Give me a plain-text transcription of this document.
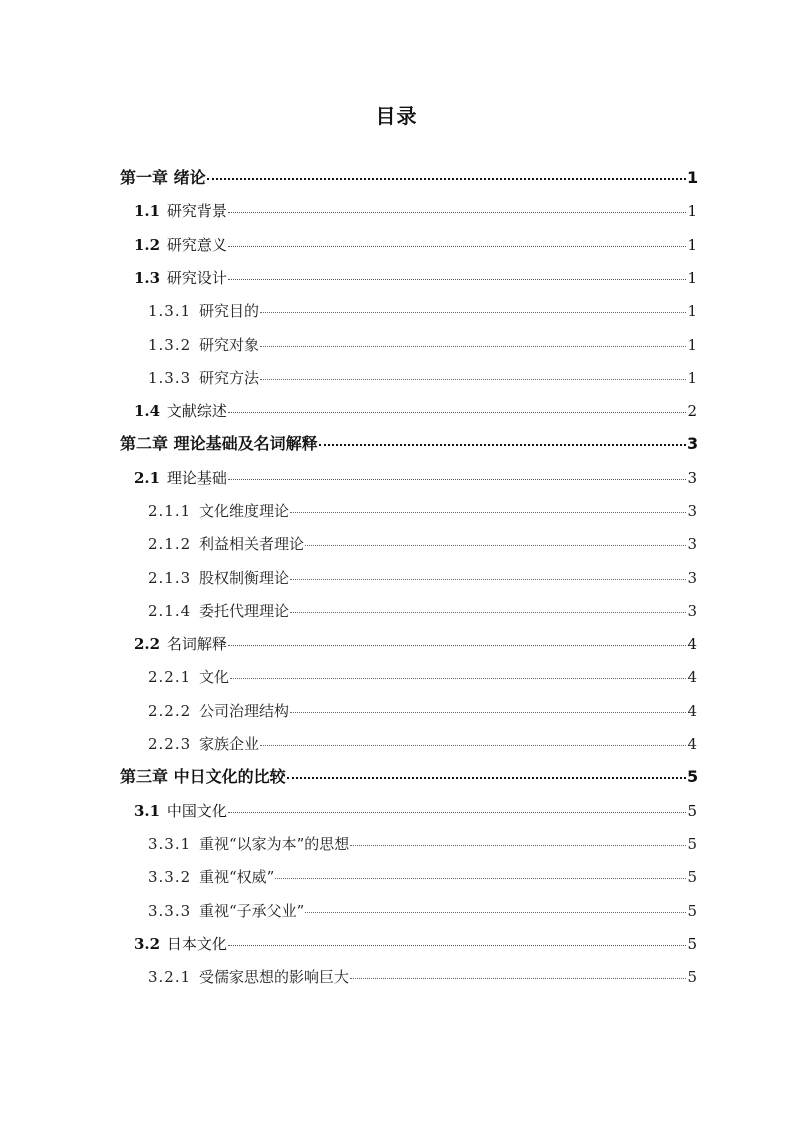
目录
第一章 绪论	1
1.1 研究背景	1
1.2 研究意义	1
1.3 研究设计	1
1.3.1 研究目的	1
1.3.2 研究对象	1
1.3.3 研究方法	1
1.4 文献综述	2
第二章 理论基础及名词解释	3
2.1 理论基础	3
2.1.1 文化维度理论	3
2.1.2 利益相关者理论	3
2.1.3 股权制衡理论	3
2.1.4 委托代理理论	3
2.2 名词解释	4
2.2.1 文化	4
2.2.2 公司治理结构	4
2.2.3 家族企业	4
第三章 中日文化的比较	5
3.1 中国文化	5
3.3.1 重视“以家为本”的思想	5
3.3.2 重视“权威”	5
3.3.3 重视“子承父业”	5
3.2 日本文化	5
3.2.1 受儒家思想的影响巨大	5
